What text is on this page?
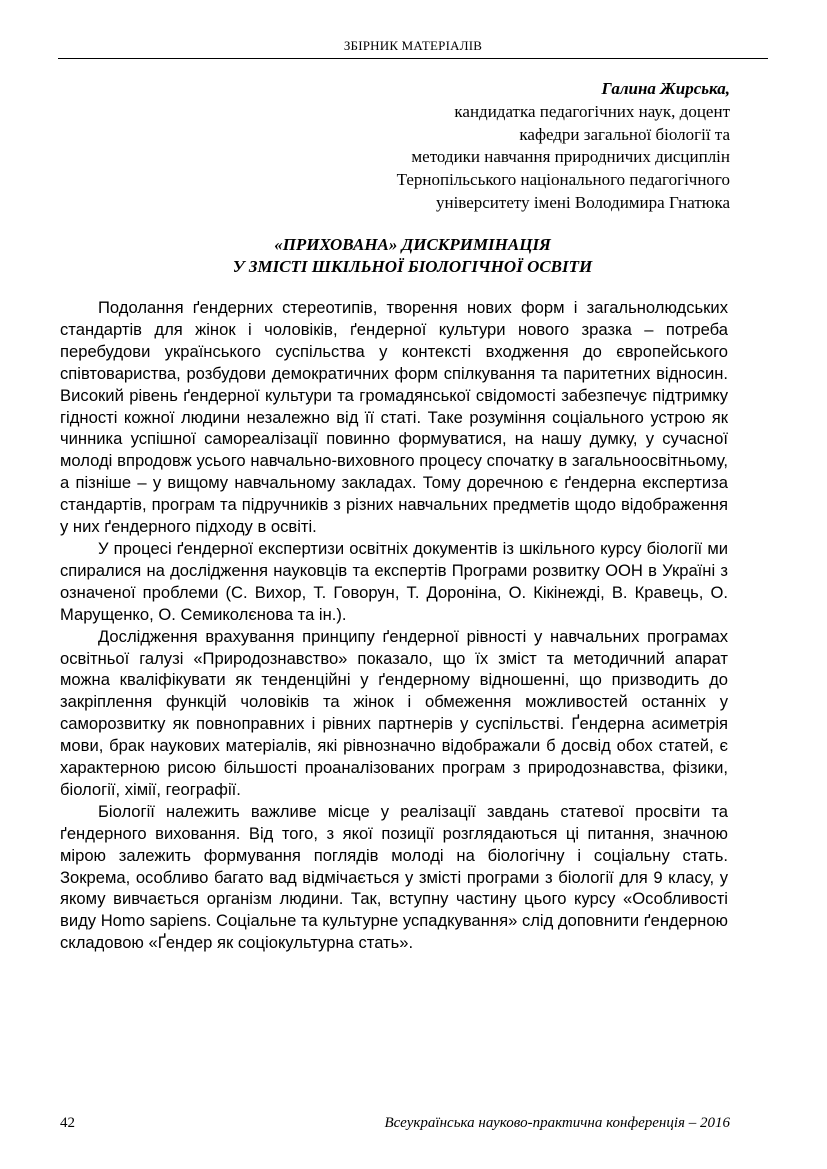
ЗБІРНИК МАТЕРІАЛІВ
Галина Жирська,
кандидатка педагогічних наук, доцент
кафедри загальної біології та
методики навчання природничих дисциплін
Тернопільського національного педагогічного
університету імені Володимира Гнатюка
«ПРИХОВАНА» ДИСКРИМІНАЦІЯ
У ЗМІСТІ ШКІЛЬНОЇ БІОЛОГІЧНОЇ ОСВІТИ

Подолання ґендерних стереотипів, творення нових форм і загальнолюдських стандартів для жінок і чоловіків, ґендерної культури нового зразка – потреба перебудови українського суспільства у контексті входження до європейського співтовариства, розбудови демократичних форм спілкування та паритетних відносин. Високий рівень ґендерної культури та громадянської свідомості забезпечує підтримку гідності кожної людини незалежно від її статі. Таке розуміння соціального устрою як чинника успішної самореалізації повинно формуватися, на нашу думку, у сучасної молоді впродовж усього навчально-виховного процесу спочатку в загальноосвітньому, а пізніше – у вищому навчальному закладах. Тому доречною є ґендерна експертиза стандартів, програм та підручників з різних навчальних предметів щодо відображення у них ґендерного підходу в освіті.

У процесі ґендерної експертизи освітніх документів із шкільного курсу біології ми спиралися на дослідження науковців та експертів Програми розвитку ООН в Україні з означеної проблеми (С. Вихор, Т. Говорун, Т. Дороніна, О. Кікінежді, В. Кравець, О. Марущенко, О. Семиколєнова та ін.).

Дослідження врахування принципу ґендерної рівності у навчальних програмах освітньої галузі «Природознавство» показало, що їх зміст та методичний апарат можна кваліфікувати як тенденційні у ґендерному відношенні, що призводить до закріплення функцій чоловіків та жінок і обмеження можливостей останніх у саморозвитку як повноправних і рівних партнерів у суспільстві. Ґендерна асиметрія мови, брак наукових матеріалів, які рівнозначно відображали б досвід обох статей, є характерною рисою більшості проаналізованих програм з природознавства, фізики, біології, хімії, географії.

Біології належить важливе місце у реалізації завдань статевої просвіти та ґендерного виховання. Від того, з якої позиції розглядаються ці питання, значною мірою залежить формування поглядів молоді на біологічну і соціальну стать. Зокрема, особливо багато вад відмічається у змісті програми з біології для 9 класу, у якому вивчається організм людини. Так, вступну частину цього курсу «Особливості виду Homo sapiens. Соціальне та культурне успадкування» слід доповнити ґендерною складовою «Ґендер як соціокультурна стать».

42	Всеукраїнська науково-практична конференція – 2016
